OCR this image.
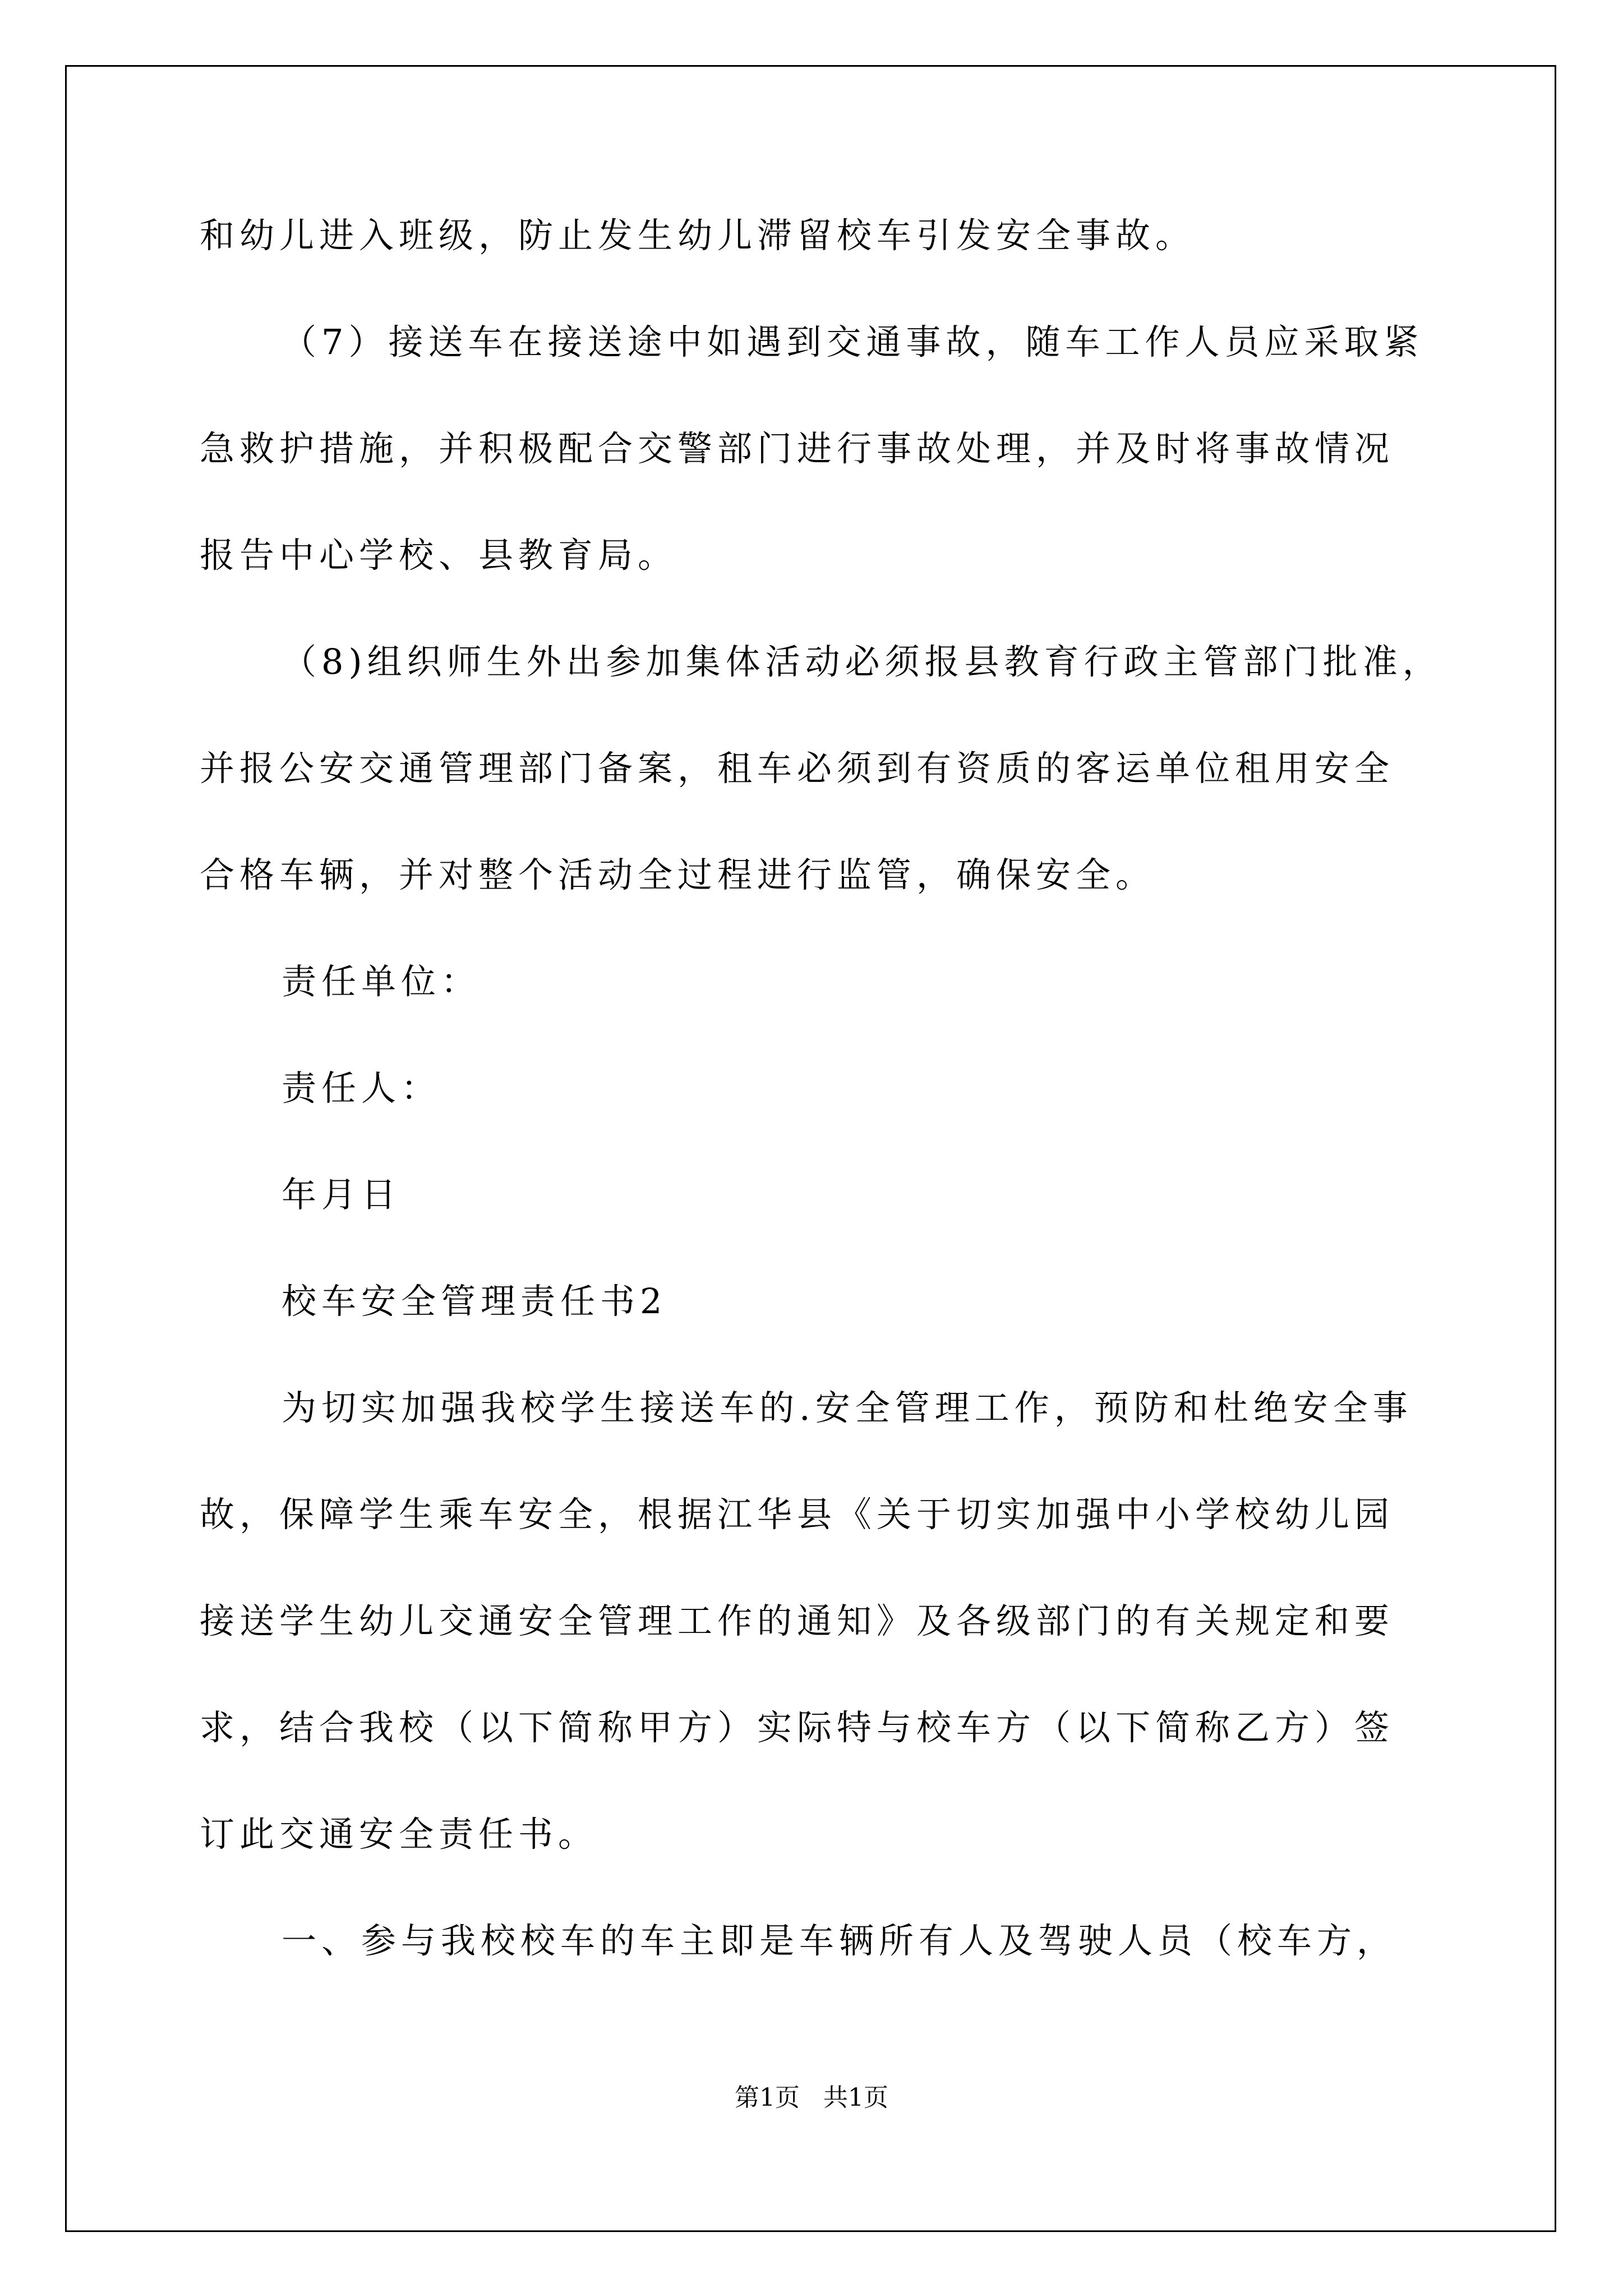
和幼儿进入班级，防止发生幼儿滞留校车引发安全事故。
（7）接送车在接送途中如遇到交通事故，随车工作人员应采取紧
急救护措施，并积极配合交警部门进行事故处理，并及时将事故情况
报告中心学校、县教育局。
（8)组织师生外出参加集体活动必须报县教育行政主管部门批准，
并报公安交通管理部门备案，租车必须到有资质的客运单位租用安全
合格车辆，并对整个活动全过程进行监管，确保安全。
责任单位：
责任人：
年月日
校车安全管理责任书2
为切实加强我校学生接送车的.安全管理工作，预防和杜绝安全事
故，保障学生乘车安全，根据江华县《关于切实加强中小学校幼儿园
接送学生幼儿交通安全管理工作的通知》及各级部门的有关规定和要
求，结合我校（以下简称甲方）实际特与校车方（以下简称乙方）签
订此交通安全责任书。
一、参与我校校车的车主即是车辆所有人及驾驶人员（校车方，
第1页   共1页
